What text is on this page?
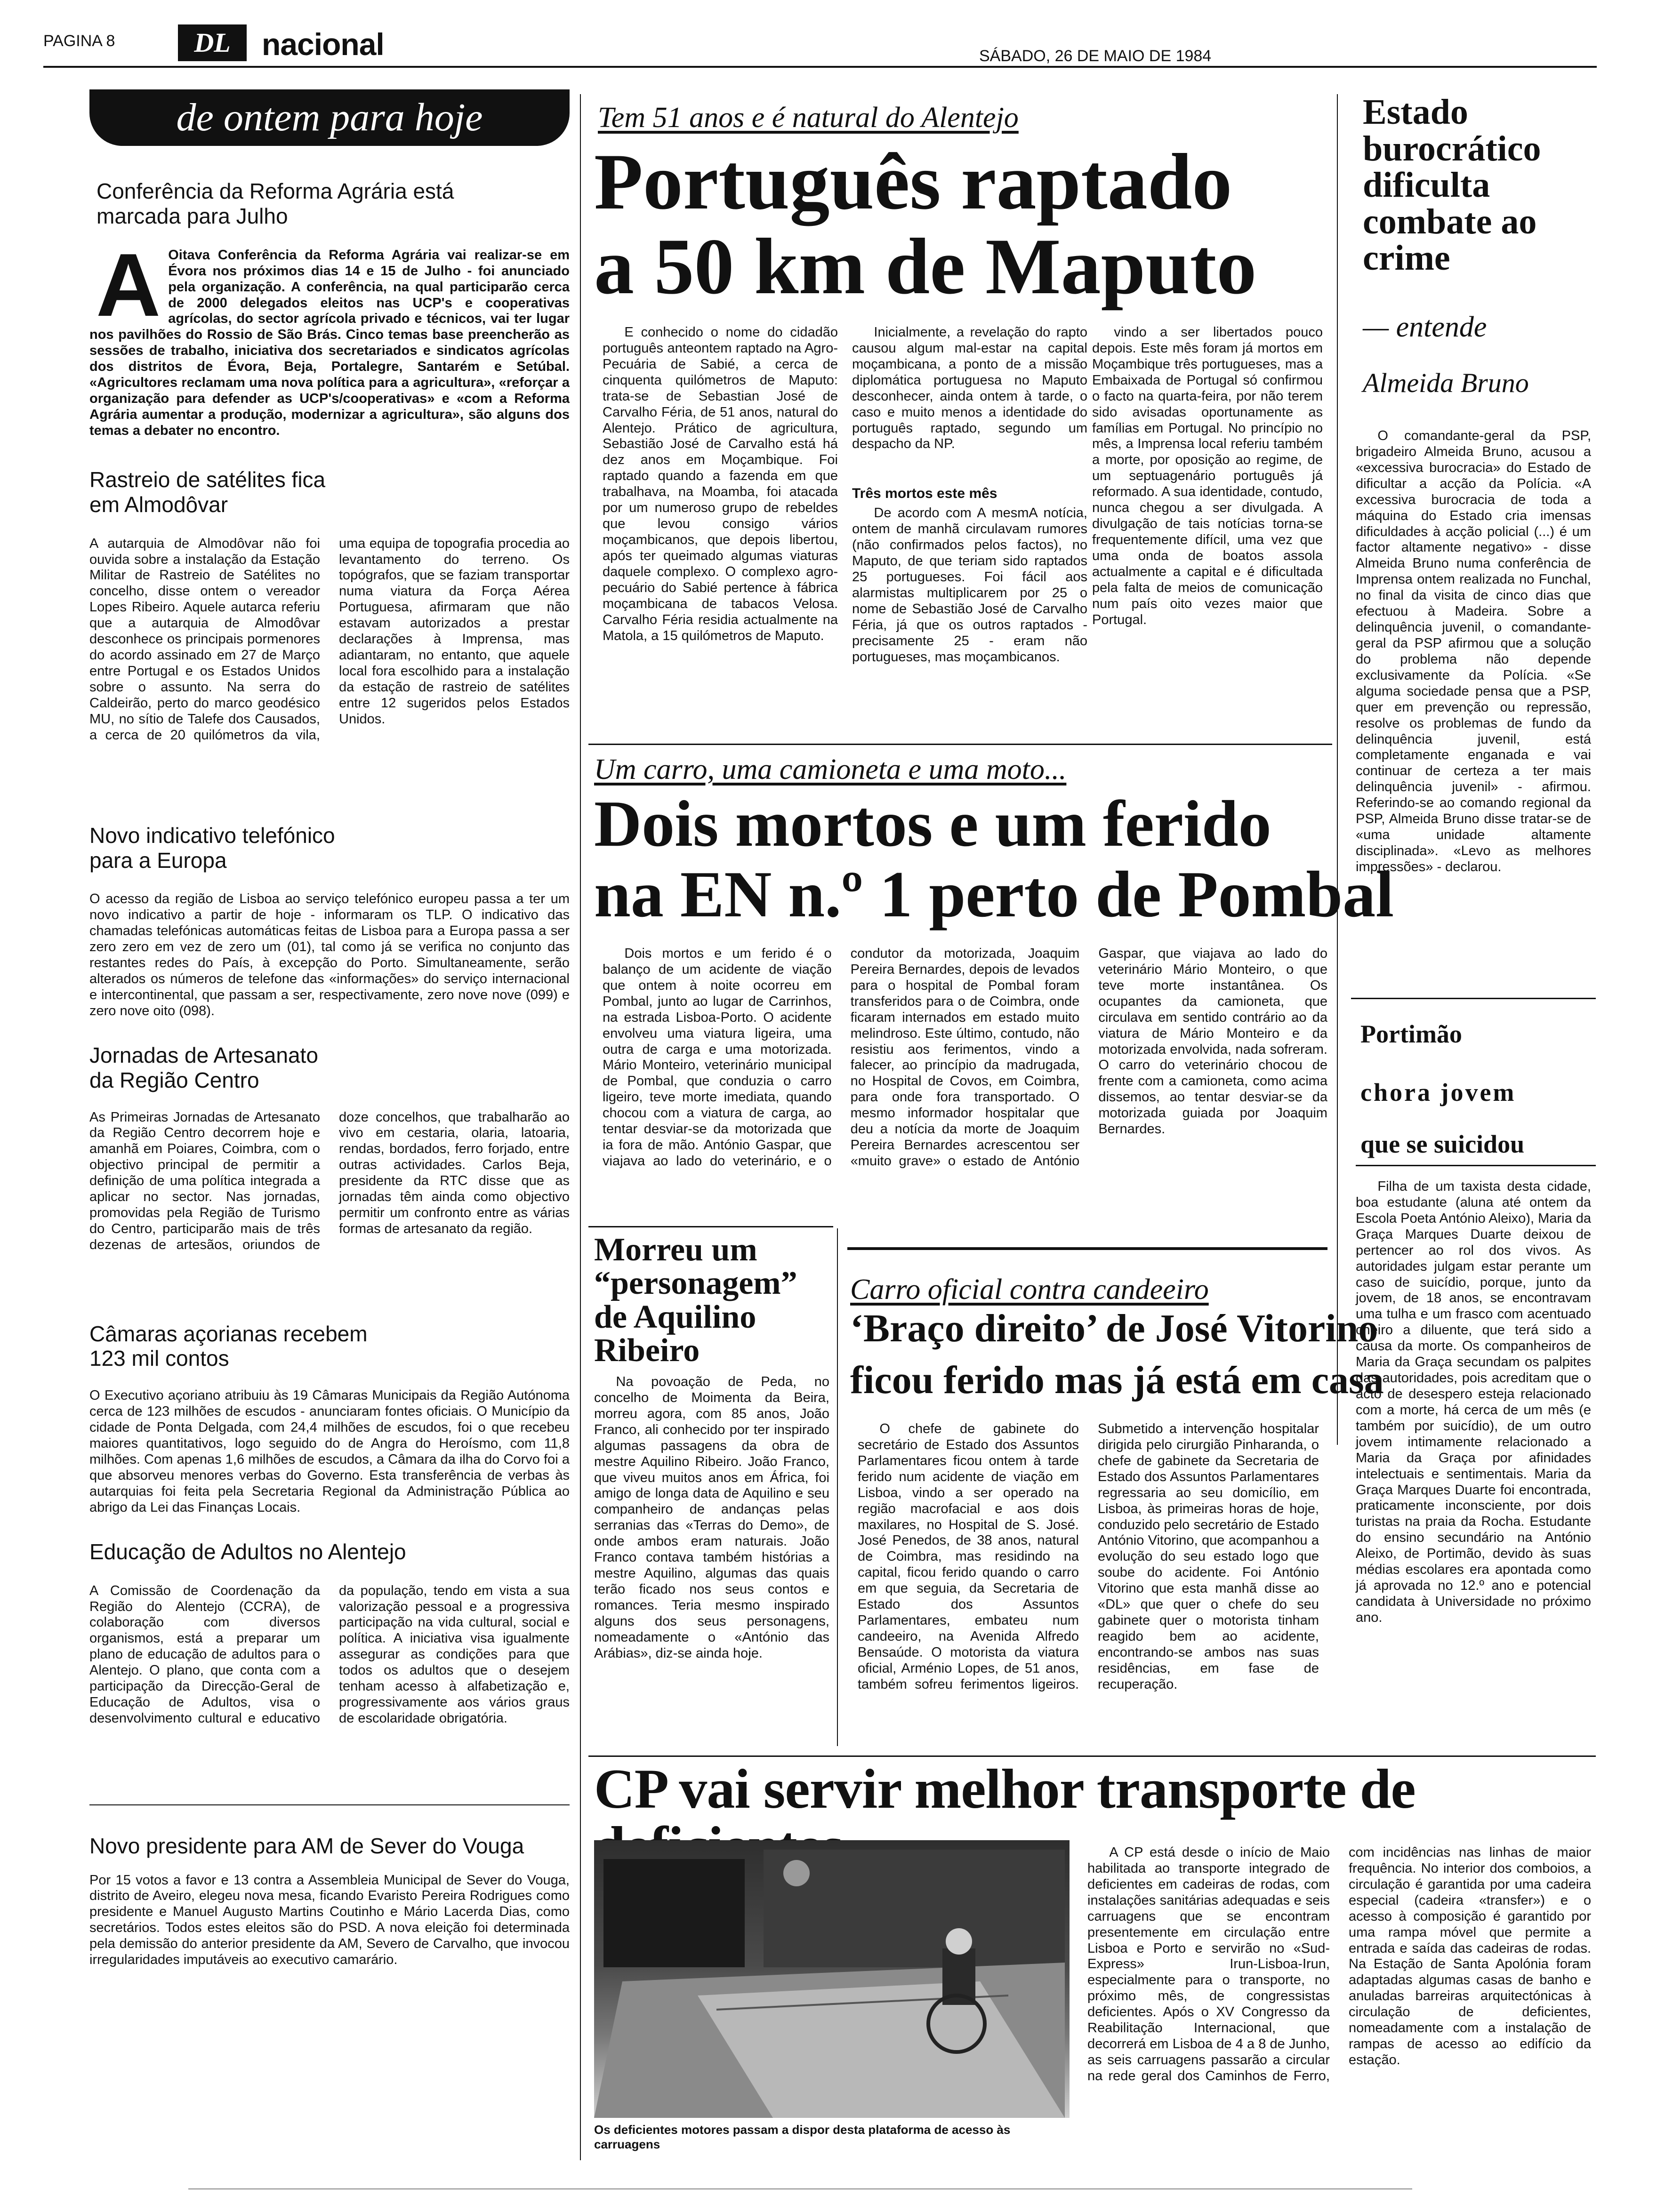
PAGINA 8	DL	nacional	SÁBADO, 26 DE MAIO DE 1984
de ontem para hoje
Conferência da Reforma Agrária está marcada para Julho
A Oitava Conferência da Reforma Agrária vai realizar-se em Évora nos próximos dias 14 e 15 de Julho - foi anunciado pela organização. A conferência, na qual participarão cerca de 2000 delegados eleitos nas UCP's e cooperativas agrícolas, do sector agrícola privado e técnicos, vai ter lugar nos pavilhões do Rossio de São Brás. Cinco temas base preencherão as sessões de trabalho, iniciativa dos secretariados e sindicatos agrícolas dos distritos de Évora, Beja, Portalegre, Santarém e Setúbal. «Agricultores reclamam uma nova política para a agricultura», «reforçar a organização para defender as UCP's/cooperativas» e «com a Reforma Agrária aumentar a produção, modernizar a agricultura», são alguns dos temas a debater no encontro.
Rastreio de satélites fica em Almodôvar
A autarquia de Almodôvar não foi ouvida sobre a instalação da Estação Militar de Rastreio de Satélites no concelho, disse ontem o vereador Lopes Ribeiro. Aquele autarca referiu que a autarquia de Almodôvar desconhece os principais pormenores do acordo assinado em 27 de Março entre Portugal e os Estados Unidos sobre o assunto. Na serra do Caldeirão, perto do marco geodésico MU, no sítio de Talefe dos Causados, a cerca de 20 quilómetros da vila, uma equipa de topografia procedia ao levantamento do terreno. Os topógrafos, que se faziam transportar numa viatura da Força Aérea Portuguesa, afirmaram que não estavam autorizados a prestar declarações à Imprensa, mas adiantaram, no entanto, que aquele local fora escolhido para a instalação da estação de rastreio de satélites entre 12 sugeridos pelos Estados Unidos.
Novo indicativo telefónico para a Europa
O acesso da região de Lisboa ao serviço telefónico europeu passa a ter um novo indicativo a partir de hoje - informaram os TLP. O indicativo das chamadas telefónicas automáticas feitas de Lisboa para a Europa passa a ser zero zero em vez de zero um (01), tal como já se verifica no conjunto das restantes redes do País, à excepção do Porto. Simultaneamente, serão alterados os números de telefone das «informações» do serviço internacional e intercontinental, que passam a ser, respectivamente, zero nove nove (099) e zero nove oito (098).
Jornadas de Artesanato da Região Centro
As Primeiras Jornadas de Artesanato da Região Centro decorrem hoje e amanhã em Poiares, Coimbra, com o objectivo principal de permitir a definição de uma política integrada a aplicar no sector. Nas jornadas, promovidas pela Região de Turismo do Centro, participarão mais de três dezenas de artesãos, oriundos de doze concelhos, que trabalharão ao vivo em cestaria, olaria, latoaria, rendas, bordados, ferro forjado, entre outras actividades. Carlos Beja, presidente da RTC disse que as jornadas têm ainda como objectivo permitir um confronto entre as várias formas de artesanato da região.
Câmaras açorianas recebem 123 mil contos
O Executivo açoriano atribuiu às 19 Câmaras Municipais da Região Autónoma cerca de 123 milhões de escudos - anunciaram fontes oficiais. O Município da cidade de Ponta Delgada, com 24,4 milhões de escudos, foi o que recebeu maiores quantitativos, logo seguido do de Angra do Heroísmo, com 11,8 milhões. Com apenas 1,6 milhões de escudos, a Câmara da ilha do Corvo foi a que absorveu menores verbas do Governo. Esta transferência de verbas às autarquias foi feita pela Secretaria Regional da Administração Pública ao abrigo da Lei das Finanças Locais.
Educação de Adultos no Alentejo
A Comissão de Coordenação da Região do Alentejo (CCRA), de colaboração com diversos organismos, está a preparar um plano de educação de adultos para o Alentejo. O plano, que conta com a participação da Direcção-Geral de Educação de Adultos, visa o desenvolvimento cultural e educativo da população, tendo em vista a sua valorização pessoal e a progressiva participação na vida cultural, social e política. A iniciativa visa igualmente assegurar as condições para que todos os adultos que o desejem tenham acesso à alfabetização e, progressivamente aos vários graus de escolaridade obrigatória.
Novo presidente para AM de Sever do Vouga
Por 15 votos a favor e 13 contra a Assembleia Municipal de Sever do Vouga, distrito de Aveiro, elegeu nova mesa, ficando Evaristo Pereira Rodrigues como presidente e Manuel Augusto Martins Coutinho e Mário Lacerda Dias, como secretários. Todos estes eleitos são do PSD. A nova eleição foi determinada pela demissão do anterior presidente da AM, Severo de Carvalho, que invocou irregularidades imputáveis ao executivo camarário.
Tem 51 anos e é natural do Alentejo
Português raptado
a 50 km de Maputo

E conhecido o nome do cidadão português anteontem raptado na Agro-Pecuária de Sabié, a cerca de cinquenta quilómetros de Maputo: trata-se de Sebastian José de Carvalho Féria, de 51 anos, natural do Alentejo. Prático de agricultura, Sebastião José de Carvalho está há dez anos em Moçambique. Foi raptado quando a fazenda em que trabalhava, na Moamba, foi atacada por um numeroso grupo de rebeldes que levou consigo vários moçambicanos, que depois libertou, após ter queimado algumas viaturas daquele complexo. O complexo agro-pecuário do Sabié pertence à fábrica moçambicana de tabacos Velosa. Carvalho Féria residia actualmente na Matola, a 15 quilómetros de Maputo.

Inicialmente, a revelação do rapto causou algum mal-estar na capital moçambicana, a ponto de a missão diplomática portuguesa no Maputo desconhecer, ainda ontem à tarde, o caso e muito menos a identidade do português raptado, segundo um despacho da NP.

Três mortos este mês

De acordo com A mesmA notícia, ontem de manhã circulavam rumores (não confirmados pelos factos), no Maputo, de que teriam sido raptados 25 portugueses. Foi fácil aos alarmistas multiplicarem por 25 o nome de Sebastião José de Carvalho Féria, já que os outros raptados - precisamente 25 - eram não portugueses, mas moçambicanos.

vindo a ser libertados pouco depois. Este mês foram já mortos em Moçambique três portugueses, mas a Embaixada de Portugal só confirmou o facto na quarta-feira, por não terem sido avisadas oportunamente as famílias em Portugal. No princípio no mês, a Imprensa local referiu também a morte, por oposição ao regime, de um septuagenário português já reformado. A sua identidade, contudo, nunca chegou a ser divulgada. A divulgação de tais notícias torna-se frequentemente difícil, uma vez que uma onda de boatos assola actualmente a capital e é dificultada pela falta de meios de comunicação num país oito vezes maior que Portugal.

Estado burocrático dificulta combate ao crime
— entende
Almeida Bruno

O comandante-geral da PSP, brigadeiro Almeida Bruno, acusou a «excessiva burocracia» do Estado de dificultar a acção da Polícia. «A excessiva burocracia de toda a máquina do Estado cria imensas dificuldades à acção policial (...) é um factor altamente negativo» - disse Almeida Bruno numa conferência de Imprensa ontem realizada no Funchal, no final da visita de cinco dias que efectuou à Madeira. Sobre a delinquência juvenil, o comandante-geral da PSP afirmou que a solução do problema não depende exclusivamente da Polícia. «Se alguma sociedade pensa que a PSP, quer em prevenção ou repressão, resolve os problemas de fundo da delinquência juvenil, está completamente enganada e vai continuar de certeza a ter mais delinquência juvenil» - afirmou. Referindo-se ao comando regional da PSP, Almeida Bruno disse tratar-se de «uma unidade altamente disciplinada». «Levo as melhores impressões» - declarou.

Um carro, uma camioneta e uma moto...
Dois mortos e um ferido
na EN n.º 1 perto de Pombal

Dois mortos e um ferido é o balanço de um acidente de viação que ontem à noite ocorreu em Pombal, junto ao lugar de Carrinhos, na estrada Lisboa-Porto. O acidente envolveu uma viatura ligeira, uma outra de carga e uma motorizada. Mário Monteiro, veterinário municipal de Pombal, que conduzia o carro ligeiro, teve morte imediata, quando chocou com a viatura de carga, ao tentar desviar-se da motorizada que ia fora de mão. António Gaspar, que viajava ao lado do veterinário, e o condutor da motorizada, Joaquim Pereira Bernardes, depois de levados para o hospital de Pombal foram transferidos para o de Coimbra, onde ficaram internados em estado muito melindroso. Este último, contudo, não resistiu aos ferimentos, vindo a falecer, ao princípio da madrugada, no Hospital de Covos, em Coimbra, para onde fora transportado. O mesmo informador hospitalar que deu a notícia da morte de Joaquim Pereira Bernardes acrescentou ser «muito grave» o estado de António Gaspar, que viajava ao lado do veterinário Mário Monteiro, o que teve morte instantânea. Os ocupantes da camioneta, que circulava em sentido contrário ao da viatura de Mário Monteiro e da motorizada envolvida, nada sofreram. O carro do veterinário chocou de frente com a camioneta, como acima dissemos, ao tentar desviar-se da motorizada guiada por Joaquim Bernardes.

Morreu um “personagem” de Aquilino Ribeiro

Na povoação de Peda, no concelho de Moimenta da Beira, morreu agora, com 85 anos, João Franco, ali conhecido por ter inspirado algumas passagens da obra de mestre Aquilino Ribeiro. João Franco, que viveu muitos anos em África, foi amigo de longa data de Aquilino e seu companheiro de andanças pelas serranias das «Terras do Demo», de onde ambos eram naturais. João Franco contava também histórias a mestre Aquilino, algumas das quais terão ficado nos seus contos e romances. Teria mesmo inspirado alguns dos seus personagens, nomeadamente o «António das Arábias», diz-se ainda hoje.

Carro oficial contra candeeiro
‘Braço direito’ de José Vitorino
ficou ferido mas já está em casa

O chefe de gabinete do secretário de Estado dos Assuntos Parlamentares ficou ontem à tarde ferido num acidente de viação em Lisboa, vindo a ser operado na região macrofacial e aos dois maxilares, no Hospital de S. José. José Penedos, de 38 anos, natural de Coimbra, mas residindo na capital, ficou ferido quando o carro em que seguia, da Secretaria de Estado dos Assuntos Parlamentares, embateu num candeeiro, na Avenida Alfredo Bensaúde. O motorista da viatura oficial, Arménio Lopes, de 51 anos, também sofreu ferimentos ligeiros. Submetido a intervenção hospitalar dirigida pelo cirurgião Pinharanda, o chefe de gabinete da Secretaria de Estado dos Assuntos Parlamentares regressaria ao seu domicílio, em Lisboa, às primeiras horas de hoje, conduzido pelo secretário de Estado António Vitorino, que acompanhou a evolução do seu estado logo que soube do acidente. Foi António Vitorino que esta manhã disse ao «DL» que quer o chefe do seu gabinete quer o motorista tinham reagido bem ao acidente, encontrando-se ambos nas suas residências, em fase de recuperação.

Portimão
chora jovem
que se suicidou

Filha de um taxista desta cidade, boa estudante (aluna até ontem da Escola Poeta António Aleixo), Maria da Graça Marques Duarte deixou de pertencer ao rol dos vivos. As autoridades julgam estar perante um caso de suicídio, porque, junto da jovem, de 18 anos, se encontravam uma tulha e um frasco com acentuado cheiro a diluente, que terá sido a causa da morte. Os companheiros de Maria da Graça secundam os palpites das autoridades, pois acreditam que o acto de desespero esteja relacionado com a morte, há cerca de um mês (e também por suicídio), de um outro jovem intimamente relacionado a Maria da Graça por afinidades intelectuais e sentimentais. Maria da Graça Marques Duarte foi encontrada, praticamente inconsciente, por dois turistas na praia da Rocha. Estudante do ensino secundário na António Aleixo, de Portimão, devido às suas médias escolares era apontada como já aprovada no 12.º ano e potencial candidata à Universidade no próximo ano.

CP vai servir melhor transporte de
Os deficientes motores passam a dispor desta plataforma de acesso às carruagens

A CP está desde o início de Maio habilitada ao transporte integrado de deficientes em cadeiras de rodas, com instalações sanitárias adequadas e seis carruagens que se encontram presentemente em circulação entre Lisboa e Porto e servirão no «Sud-Express» Irun-Lisboa-Irun, especialmente para o transporte, no próximo mês, de congressistas deficientes. Após o XV Congresso da Reabilitação Internacional, que decorrerá em Lisboa de 4 a 8 de Junho, as seis carruagens passarão a circular na rede geral dos Caminhos de Ferro, com incidências nas linhas de maior frequência. No interior dos comboios, a circulação é garantida por uma cadeira especial (cadeira «transfer») e o acesso à composição é garantido por uma rampa móvel que permite a entrada e saída das cadeiras de rodas. Na Estação de Santa Apolónia foram adaptadas algumas casas de banho e anuladas barreiras arquitectónicas à circulação de deficientes, nomeadamente com a instalação de rampas de acesso ao edifício da estação.
